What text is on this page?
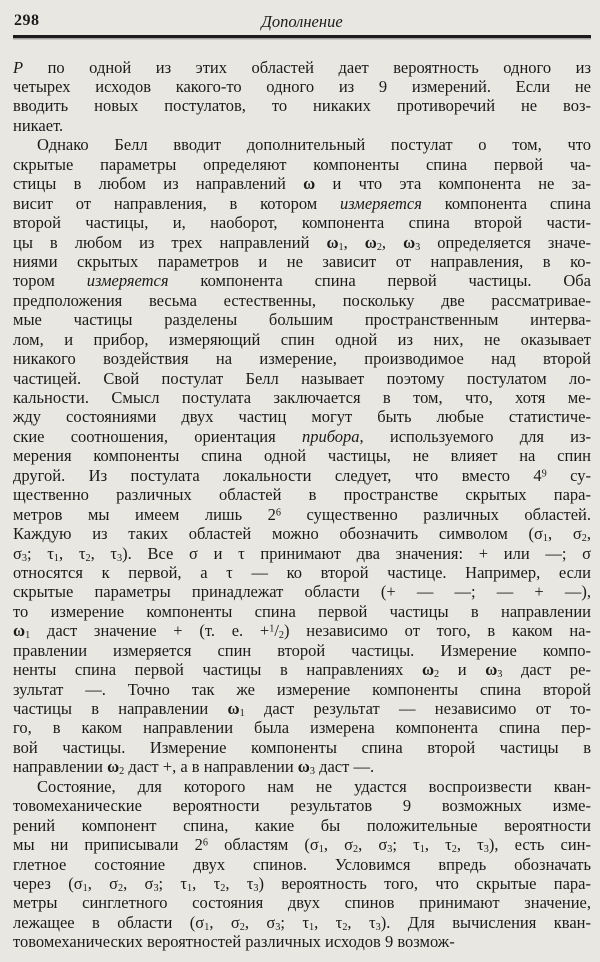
298	Дополнение

Р по одной из этих областей дает вероятность одного из
четырех исходов какого-то одного из 9 измерений. Если не
вводить новых постулатов, то никаких противоречий не воз-
никает.

Однако Белл вводит дополнительный постулат о том, что
скрытые параметры определяют компоненты спина первой ча-
стицы в любом из направлений ω и что эта компонента не за-
висит от направления, в котором измеряется компонента спина
второй частицы, и, наоборот, компонента спина второй части-
цы в любом из трех направлений $\omega_1$, $\omega_2$, $\omega_3$ определяется значе-
ниями скрытых параметров и не зависит от направления, в ко-
тором измеряется компонента спина первой частицы. Оба
предположения весьма естественны, поскольку две рассматривае-
мые частицы разделены большим пространственным интерва-
лом, и прибор, измеряющий спин одной из них, не оказывает
никакого воздействия на измерение, производимое над второй
частицей. Свой постулат Белл называет поэтому постулатом ло-
кальности. Смысл постулата заключается в том, что, хотя ме-
жду состояниями двух частиц могут быть любые статистиче-
ские соотношения, ориентация прибора, используемого для из-
мерения компоненты спина одной частицы, не влияет на спин
другой. Из постулата локальности следует, что вместо $4^9$ су-
щественно различных областей в пространстве скрытых пара-
метров мы имеем лишь $2^6$ существенно различных областей.
Каждую из таких областей можно обозначить символом ($\sigma_1$, $\sigma_2$,
$\sigma_3$; $\tau_1$, $\tau_2$, $\tau_3$). Все σ и τ принимают два значения: + или —; σ
относятся к первой, а τ — ко второй частице. Например, если
скрытые параметры принадлежат области (+ — —; — + —),
то измерение компоненты спина первой частицы в направлении
$\omega_1$ даст значение + (т. е. $+^1/_2$) независимо от того, в каком на-
правлении измеряется спин второй частицы. Измерение компо-
ненты спина первой частицы в направлениях $\omega_2$ и $\omega_3$ даст ре-
зультат —. Точно так же измерение компоненты спина второй
частицы в направлении $\omega_1$ даст результат — независимо от то-
го, в каком направлении была измерена компонента спина пер-
вой частицы. Измерение компоненты спина второй частицы в
направлении $\omega_2$ даст +, а в направлении $\omega_3$ даст —.

Состояние, для которого нам не удастся воспроизвести кван-
товомеханические вероятности результатов 9 возможных изме-
рений компонент спина, какие бы положительные вероятности
мы ни приписывали $2^6$ областям ($\sigma_1$, $\sigma_2$, $\sigma_3$; $\tau_1$, $\tau_2$, $\tau_3$), есть син-
глетное состояние двух спинов. Условимся впредь обозначать
через ($\sigma_1$, $\sigma_2$, $\sigma_3$; $\tau_1$, $\tau_2$, $\tau_3$) вероятность того, что скрытые пара-
метры синглетного состояния двух спинов принимают значение,
лежащее в области ($\sigma_1$, $\sigma_2$, $\sigma_3$; $\tau_1$, $\tau_2$, $\tau_3$). Для вычисления кван-
товомеханических вероятностей различных исходов 9 возмож-
